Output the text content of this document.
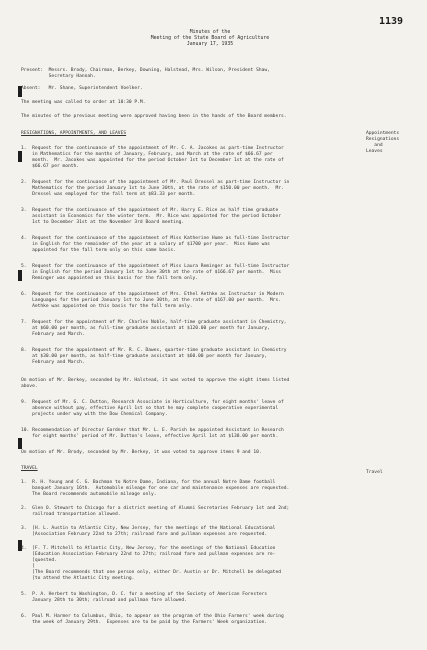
1139
Minutes of the
Meeting of the State Board of Agriculture
January 17, 1935
Present:  Messrs. Brody, Chairman, Berkey, Downing, Halstead, Mrs. Wilson, President Shaw,
Secretary Hannah.
Absent:   Mr. Shane, Superintendent Voelker.
The meeting was called to order at 10:30 P.M.
The minutes of the previous meeting were approved having been in the hands of the Board members.
RESIGNATIONS, APPOINTMENTS, AND LEAVES	Appointments
Resignations
and
Leaves
1.  Request for the continuance of the appointment of Mr. C. A. Jacokes as part-time Instructor
in Mathematics for the months of January, February, and March at the rate of $66.67 per
month.  Mr. Jacokes was appointed for the period October 1st to December 1st at the rate of
$66.67 per month.
2.  Request for the continuance of the appointment of Mr. Paul Dressel as part-time Instructor in
Mathematics for the period January 1st to June 30th, at the rate of $150.00 per month.  Mr.
Dressel was employed for the fall term at $83.33 per month.
3.  Request for the continuance of the appointment of Mr. Harry E. Rice as half time graduate
assistant in Economics for the winter term.  Mr. Rice was appointed for the period October
1st to December 31st at the November 3rd Board meeting.
4.  Request for the continuance of the appointment of Miss Katherine Hume as full-time Instructor
in English for the remainder of the year at a salary of $1700 per year.  Miss Hume was
appointed for the fall term only on this same basis.
5.  Request for the continuance of the appointment of Miss Laura Reminger as full-time Instructor
in English for the period January 1st to June 30th at the rate of $166.67 per month.  Miss
Reminger was appointed on this basis for the fall term only.
6.  Request for the continuance of the appointment of Mrs. Ethel Aethke as Instructor in Modern
Languages for the period January 1st to June 30th, at the rate of $167.00 per month.  Mrs.
Aethke was appointed on this basis for the fall term only.
7.  Request for the appointment of Mr. Charles Noble, half-time graduate assistant in Chemistry,
at $60.00 per month, as full-time graduate assistant at $120.00 per month for January,
February and March.
8.  Request for the appointment of Mr. R. C. Dawes, quarter-time graduate assistant in Chemistry
at $30.00 per month, as half-time graduate assistant at $60.00 per month for January,
February and March.
On motion of Mr. Berkey, seconded by Mr. Halstead, it was voted to approve the eight items listed
above.
9.  Request of Mr. G. C. Dutton, Research Associate in Horticulture, for eight months' leave of
absence without pay, effective April 1st so that he may complete cooperative experimental
projects under way with the Dow Chemical Company.
10. Recommendation of Director Gardner that Mr. L. E. Parish be appointed Assistant in Research
for eight months' period of Mr. Dutton's leave, effective April 1st at $138.00 per month.
On motion of Mr. Brody, seconded by Mr. Berkey, it was voted to approve items 9 and 10.
TRAVEL
Travel
1.  R. H. Young and C. G. Bachman to Notre Dame, Indiana, for the annual Notre Dame football
banquet January 16th.  Automobile mileage for one car and maintenance expenses are requested.
The Board recommends automobile mileage only.
2.  Glen O. Stewart to Chicago for a district meeting of Alumni Secretaries February 1st and 2nd;
railroad transportation allowed.
3.  [H. L. Austin to Atlantic City, New Jersey, for the meetings of the National Educational
[Association February 22nd to 27th; railroad fare and pullman expenses are requested.
4.  [F. T. Mitchell to Atlantic City, New Jersey, for the meetings of the National Education
[Education Association February 22nd to 27th; railroad fare and pullman expenses are re-
[quested.
[
[The Board recommends that one person only, either Dr. Austin or Dr. Mitchell be delegated
[to attend the Atlantic City meeting.
5.  P. A. Herbert to Washington, D. C. for a meeting of the Society of American Foresters
January 28th to 30th; railroad and pullman fare allowed.
6.  Paul M. Harmer to Columbus, Ohio, to appear on the program of the Ohio Farmers' week during
the week of January 29th.  Expenses are to be paid by the Farmers' Week organization.
